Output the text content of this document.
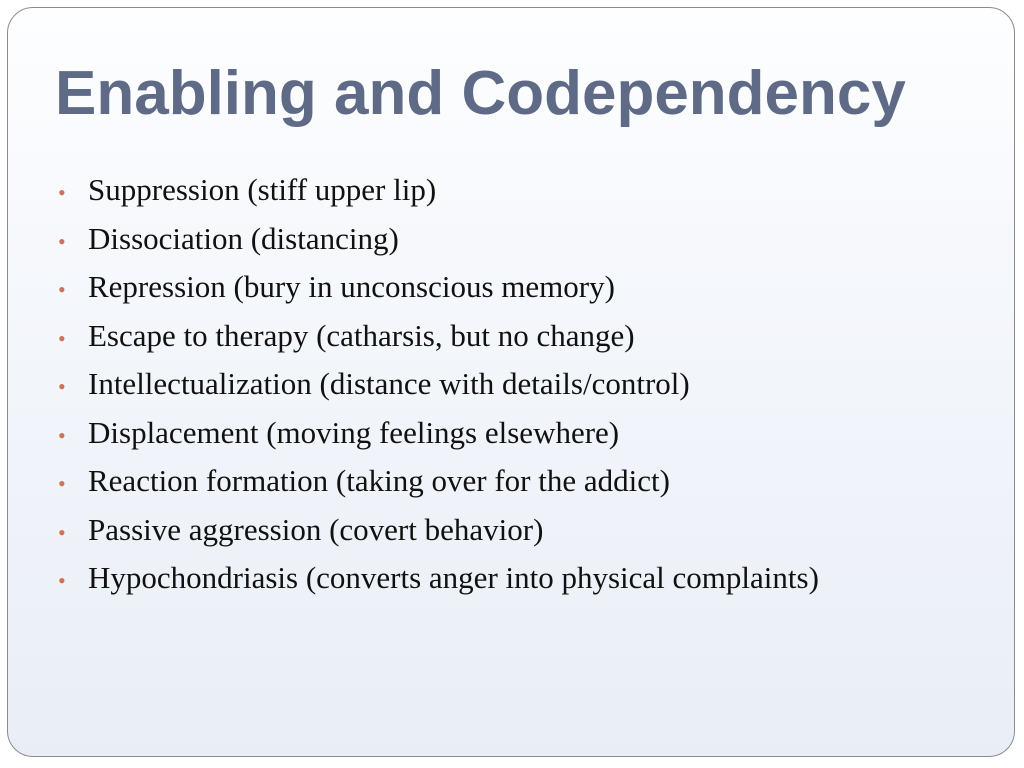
Enabling and Codependency
• Suppression (stiff upper lip)
• Dissociation (distancing)
• Repression (bury in unconscious memory)
• Escape to therapy (catharsis, but no change)
• Intellectualization (distance with details/control)
• Displacement (moving feelings elsewhere)
• Reaction formation (taking over for the addict)
• Passive aggression (covert behavior)
• Hypochondriasis (converts anger into physical complaints)
